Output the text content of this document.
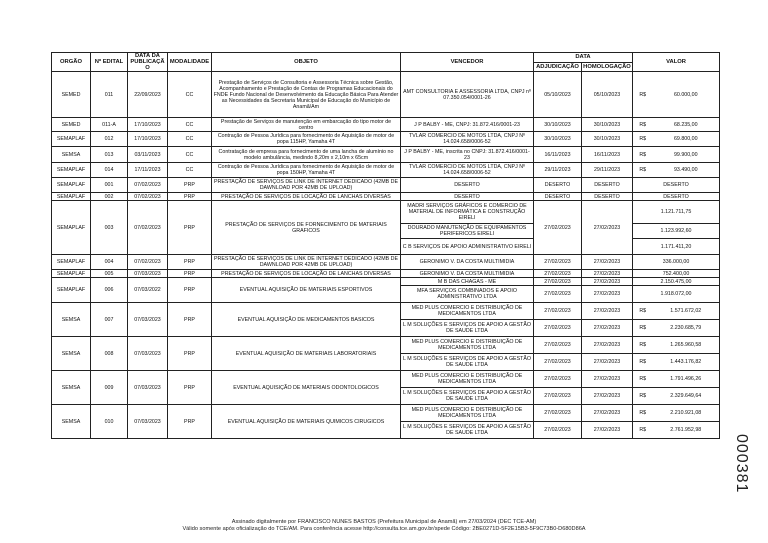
ORGÃO	Nº EDITAL	DATA DA PUBLICAÇÃO	MODALIDADE	OBJETO	VENCEDOR	DATA		VALOR	
						ADJUDICAÇÃO	HOMOLOGAÇÃO		
SEMED	011	22/09/2023	CC	Prestação de Serviços de Consultoria e Assessoria Técnica sobre Gestão, Acompanhamento e Prestação de Contas de Programas Educacionais do FNDE Fundo Nacional de Desenvolvimento da Educação Básica Para Atender as Necessidades da Secretaria Municipal de Educação do Município de Anamã/Am	AMT CONSULTORIA E ASSESSORIA LTDA, CNPJ nº 07.350.054/0001-26	05/10/2023	05/10/2023	R$	60.000,00
SEMED	011-A	17/10/2023	CC	Prestação de Serviços de manutenção em embarcação do tipo motor de centro	J P BALBY - ME, CNPJ: 31.872.416/0001-23	30/10/2023	30/10/2023	R$	68.235,00
SEMAPLAF	012	17/10/2023	CC	Contração de Pessoa Jurídica para fornecimento de Aquisição de motor de popa 115HP, Yamaha 4T	TVLAR COMERCIO DE MOTOS LTDA, CNPJ Nº 14.024.658/0006-52	30/10/2023	30/10/2023	R$	69.800,00
SEMSA	013	03/11/2023	CC	Contratação de empresa para fornecimento de uma lancha de alumínio no modelo ambulância, medindo 8,20m x 2,10m x 65cm	J P BALBY - ME, inscrita no CNPJ: 31.872.416/0001-23	16/11/2023	16/11/2023	R$	99.900,00
SEMAPLAF	014	17/11/2023	CC	Contração de Pessoa Jurídica para fornecimento de Aquisição de motor de popa 150HP, Yamaha 4T	TVLAR COMERCIO DE MOTOS LTDA, CNPJ Nº 14.024.658/0006-52	29/11/2023	29/11/2023	R$	93.490,00
SEMAPLAF	001	07/02/2023	PRP	PRESTAÇÃO DE SERVIÇOS DE LINK DE INTERNET DEDICADO (42MB DE DAWNLOAD POR 42MB DE UPLOAD)	DESERTO	DESERTO	DESERTO	DESERTO	
SEMAPLAF	002	07/02/2023	PRP	PRESTAÇÃO DE SERVIÇOS DE LOCAÇÃO DE LANCHAS DIVERSAS	DESERTO	DESERTO	DESERTO	DESERTO	
SEMAPLAF	003	07/02/2023	PRP	PRESTAÇÃO DE SERVIÇOS DE FORNECIMENTO DE MATERIAIS GRAFICOS	MADRI SERVIÇOS GRÁFICOS E COMERCIO DE MATERIAL DE INFORMÁTICA E CONSTRUÇÃO EIRELI	27/02/2023	27/02/2023	1.121.711,75	
					DOURADO MANUTENÇÃO DE EQUIPAMENTOS PERIFERICOS EIRELI			1.123.992,60	
					C B SERVIÇOS DE APOIO ADMINISTRATIVO EIRELI			1.171.411,20	
SEMAPLAF	004	07/02/2023	PRP	PRESTAÇÃO DE SERVIÇOS DE LINK DE INTERNET DEDICADO (42MB DE DAWNLOAD POR 42MB DE UPLOAD)	GERONIMO V. DA COSTA MULTIMIDIA	27/02/2023	27/02/2023	336.000,00	
SEMAPLAF	005	07/03/2023	PRP	PRESTAÇÃO DE SERVIÇOS DE LOCAÇÃO DE LANCHAS DIVERSAS	GERONIMO V. DA COSTA MULTIMIDIA	27/02/2023	27/02/2023	752.400,00	
SEMAPLAF	006	07/03/2022	PRP	EVENTUAL AQUISIÇÃO DE MATERIAIS ESPORTIVOS	M B DAS CHAGAS - ME	27/02/2023	27/02/2023	2.150.475,00	
					MFA SERVIÇOS COMBINADOS E APOIO ADMINISTRATIVO LTDA	27/02/2023	27/02/2023	1.918.072,00	
SEMSA	007	07/03/2023	PRP	EVENTUAL AQUISIÇÃO DE MEDICAMENTOS BASICOS	MED PLUS COMERCIO E DISTRIBUIÇÃO DE MEDICAMENTOS LTDA	27/02/2023	27/02/2023	R$	1.571.672,02
					L M SOLUÇÕES E SERVIÇOS DE APOIO A GESTÃO DE SAUDE LTDA	27/02/2023	27/02/2023	R$	2.230.685,79
SEMSA	008	07/03/2023	PRP	EVENTUAL AQUISIÇÃO DE MATERIAIS LABORATORIAIS	MED PLUS COMERCIO E DISTRIBUIÇÃO DE MEDICAMENTOS LTDA	27/02/2023	27/02/2023	R$	1.265.960,58
					L M SOLUÇÕES E SERVIÇOS DE APOIO A GESTÃO DE SAUDE LTDA	27/02/2023	27/02/2023	R$	1.443.176,82
SEMSA	009	07/03/2023	PRP	EVENTUAL AQUISIÇÃO DE MATERIAIS ODONTOLOGICOS	MED PLUS COMERCIO E DISTRIBUIÇÃO DE MEDICAMENTOS LTDA	27/02/2023	27/02/2023	R$	1.791.496,26
					L M SOLUÇÕES E SERVIÇOS DE APOIO A GESTÃO DE SAUDE LTDA	27/02/2023	27/02/2023	R$	2.329.649,64
SEMSA	010	07/03/2023	PRP	EVENTUAL AQUISIÇÃO DE MATERIAIS QUIMICOS CIRUGICOS	MED PLUS COMERCIO E DISTRIBUIÇÃO DE MEDICAMENTOS LTDA	27/02/2023	27/02/2023	R$	2.210.921,08
					L M SOLUÇÕES E SERVIÇOS DE APOIO A GESTÃO DE SAUDE LTDA	27/02/2023	27/02/2023	R$	2.761.952,98
000381
Assinado digitalmente por FRANCISCO NUNES BASTOS (Prefeitura Municipal de Anamã) em 27/03/2024 (DEC TCE-AM)
Válido somente após oficialização do TCE/AM. Para conferência acesse http://consulta.tce.am.gov.br/spede Código: 2BE0271D-5F2E15B3-5F9C73B0-D680D86A
